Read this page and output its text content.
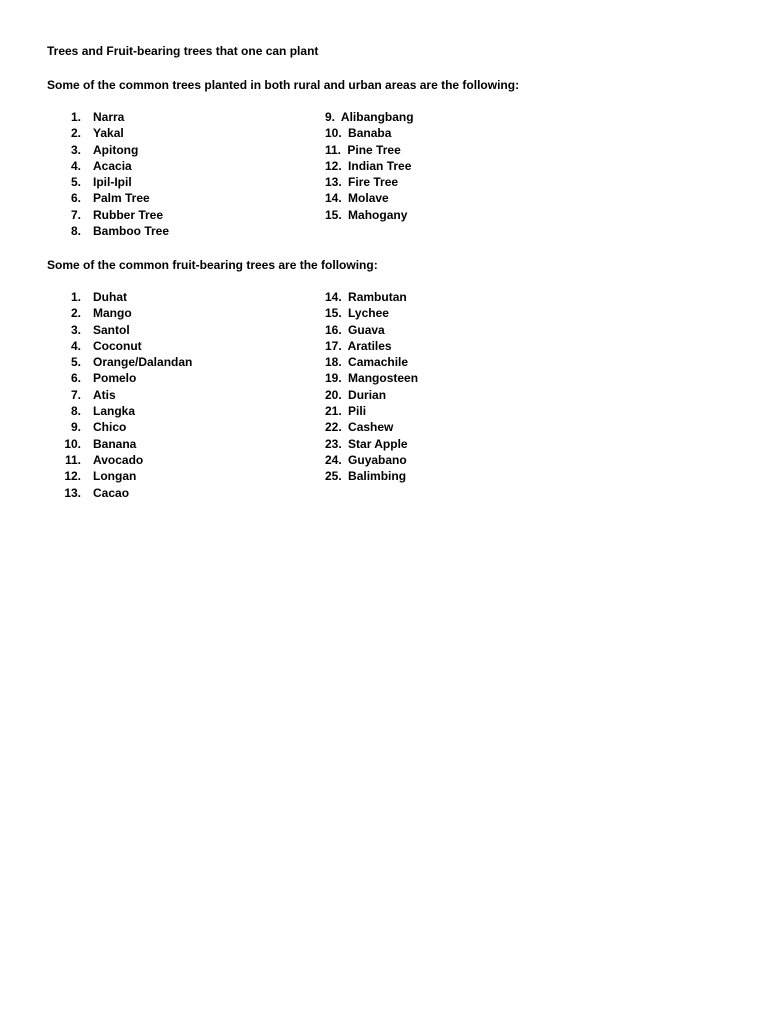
Trees and Fruit-bearing trees that one can plant
Some of the common trees planted in both rural and urban areas are the following:
1. Narra
2. Yakal
3. Apitong
4. Acacia
5. Ipil-Ipil
6. Palm Tree
7. Rubber Tree
8. Bamboo Tree
9. Alibangbang
10. Banaba
11. Pine Tree
12. Indian Tree
13. Fire Tree
14. Molave
15. Mahogany
Some of the common fruit-bearing trees are the following:
1. Duhat
2. Mango
3. Santol
4. Coconut
5. Orange/Dalandan
6. Pomelo
7. Atis
8. Langka
9. Chico
10. Banana
11. Avocado
12. Longan
13. Cacao
14. Rambutan
15. Lychee
16. Guava
17. Aratiles
18. Camachile
19. Mangosteen
20. Durian
21. Pili
22. Cashew
23. Star Apple
24. Guyabano
25. Balimbing
